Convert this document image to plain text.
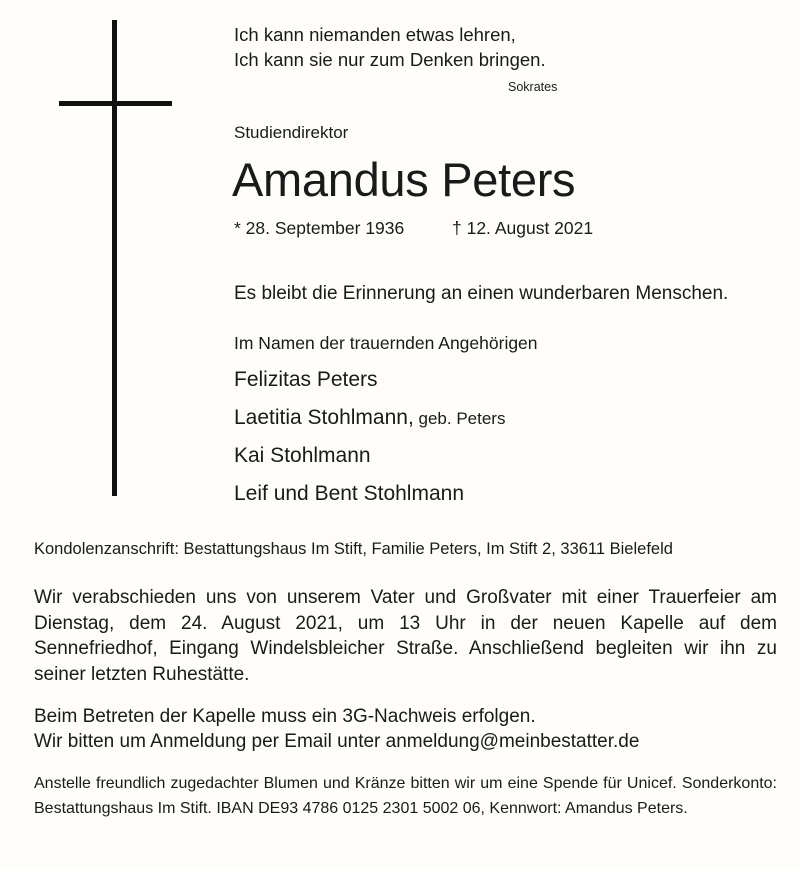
Ich kann niemanden etwas lehren,
Ich kann sie nur zum Denken bringen.
Sokrates
Studiendirektor
Amandus Peters
* 28. September 1936	† 12. August 2021
Es bleibt die Erinnerung an einen wunderbaren Menschen.
Im Namen der trauernden Angehörigen
Felizitas Peters
Laetitia Stohlmann, geb. Peters
Kai Stohlmann
Leif und Bent Stohlmann
Kondolenzanschrift: Bestattungshaus Im Stift, Familie Peters, Im Stift 2, 33611 Bielefeld

Wir verabschieden uns von unserem Vater und Großvater mit einer Trauerfeier am Dienstag, dem 24. August 2021, um 13 Uhr in der neuen Kapelle auf dem Sennefriedhof, Eingang Windelsbleicher Straße. Anschließend begleiten wir ihn zu seiner letzten Ruhestätte.

Beim Betreten der Kapelle muss ein 3G-Nachweis erfolgen.
Wir bitten um Anmeldung per Email unter anmeldung@meinbestatter.de

Anstelle freundlich zugedachter Blumen und Kränze bitten wir um eine Spende für Unicef. Sonderkonto: Bestattungshaus Im Stift. IBAN DE93 4786 0125 2301 5002 06, Kennwort: Amandus Peters.
